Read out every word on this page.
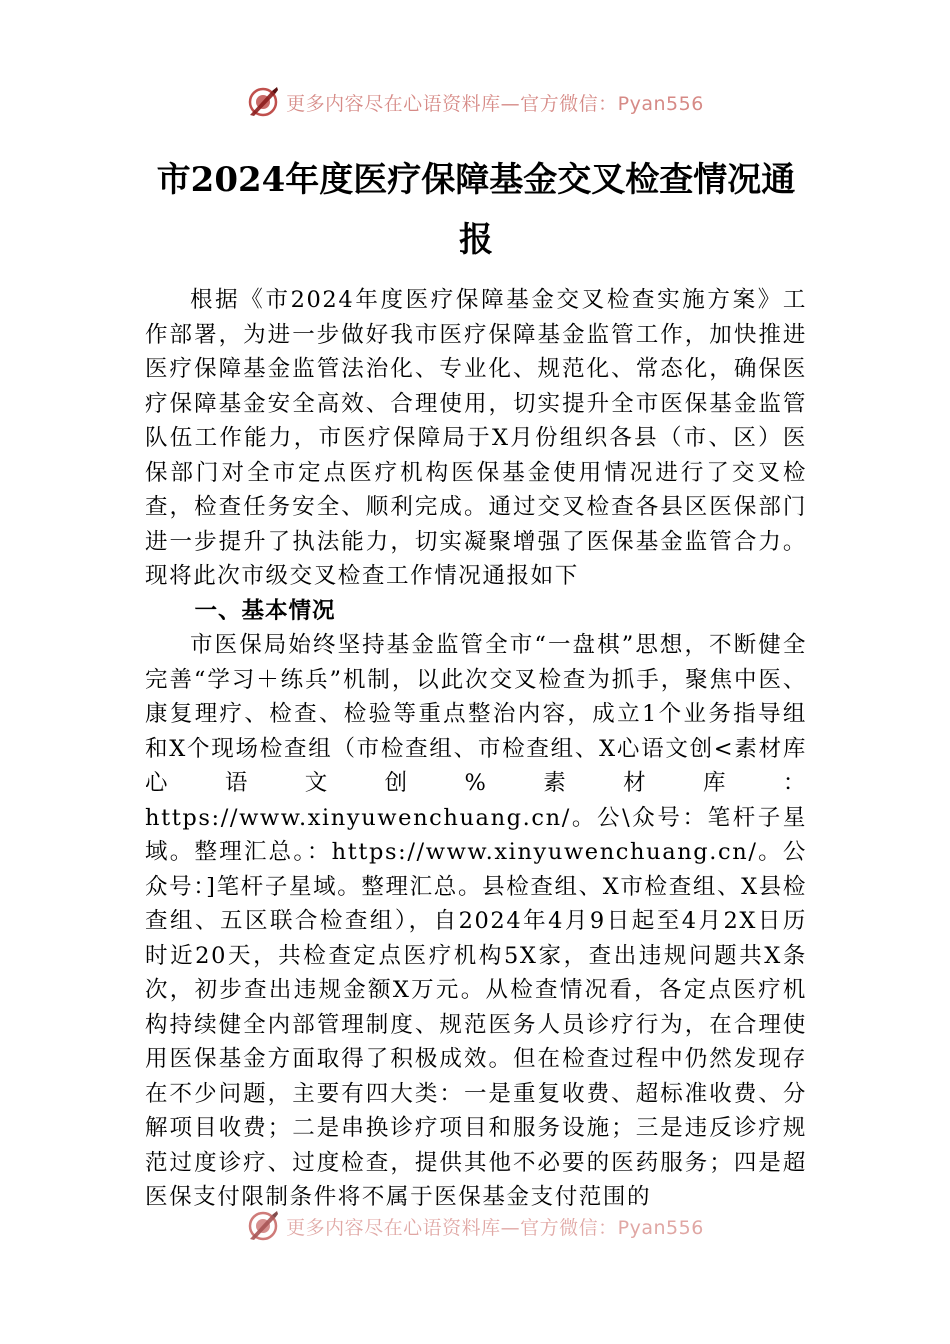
更多内容尽在心语资料库—官方微信：Pyan556
市2024年度医疗保障基金交叉检查情况通报

根据《市2024年度医疗保障基金交叉检查实施方案》工作部署，为进一步做好我市医疗保障基金监管工作，加快推进医疗保障基金监管法治化、专业化、规范化、常态化，确保医疗保障基金安全高效、合理使用，切实提升全市医保基金监管队伍工作能力，市医疗保障局于X月份组织各县（市、区）医保部门对全市定点医疗机构医保基金使用情况进行了交叉检查，检查任务安全、顺利完成。通过交叉检查各县区医保部门进一步提升了执法能力，切实凝聚增强了医保基金监管合力。现将此次市级交叉检查工作情况通报如下

一、基本情况

市医保局始终坚持基金监管全市“一盘棋”思想，不断健全完善“学习＋练兵”机制，以此次交叉检查为抓手，聚焦中医、康复理疗、检查、检验等重点整治内容，成立1个业务指导组和X个现场检查组（市检查组、市检查组、X心语文创<素材库心语文创%素材库：https://www.xinyuwenchuang.cn/。公\众号：笔杆子星域。整理汇总。：https://www.xinyuwenchuang.cn/。公众号：]笔杆子星域。整理汇总。县检查组、X市检查组、X县检查组、五区联合检查组），自2024年4月9日起至4月2X日历时近20天，共检查定点医疗机构5X家，查出违规问题共X条次，初步查出违规金额X万元。从检查情况看，各定点医疗机构持续健全内部管理制度、规范医务人员诊疗行为，在合理使用医保基金方面取得了积极成效。但在检查过程中仍然发现存在不少问题，主要有四大类：一是重复收费、超标准收费、分解项目收费；二是串换诊疗项目和服务设施；三是违反诊疗规范过度诊疗、过度检查，提供其他不必要的医药服务；四是超医保支付限制条件将不属于医保基金支付范围的

更多内容尽在心语资料库—官方微信：Pyan556
